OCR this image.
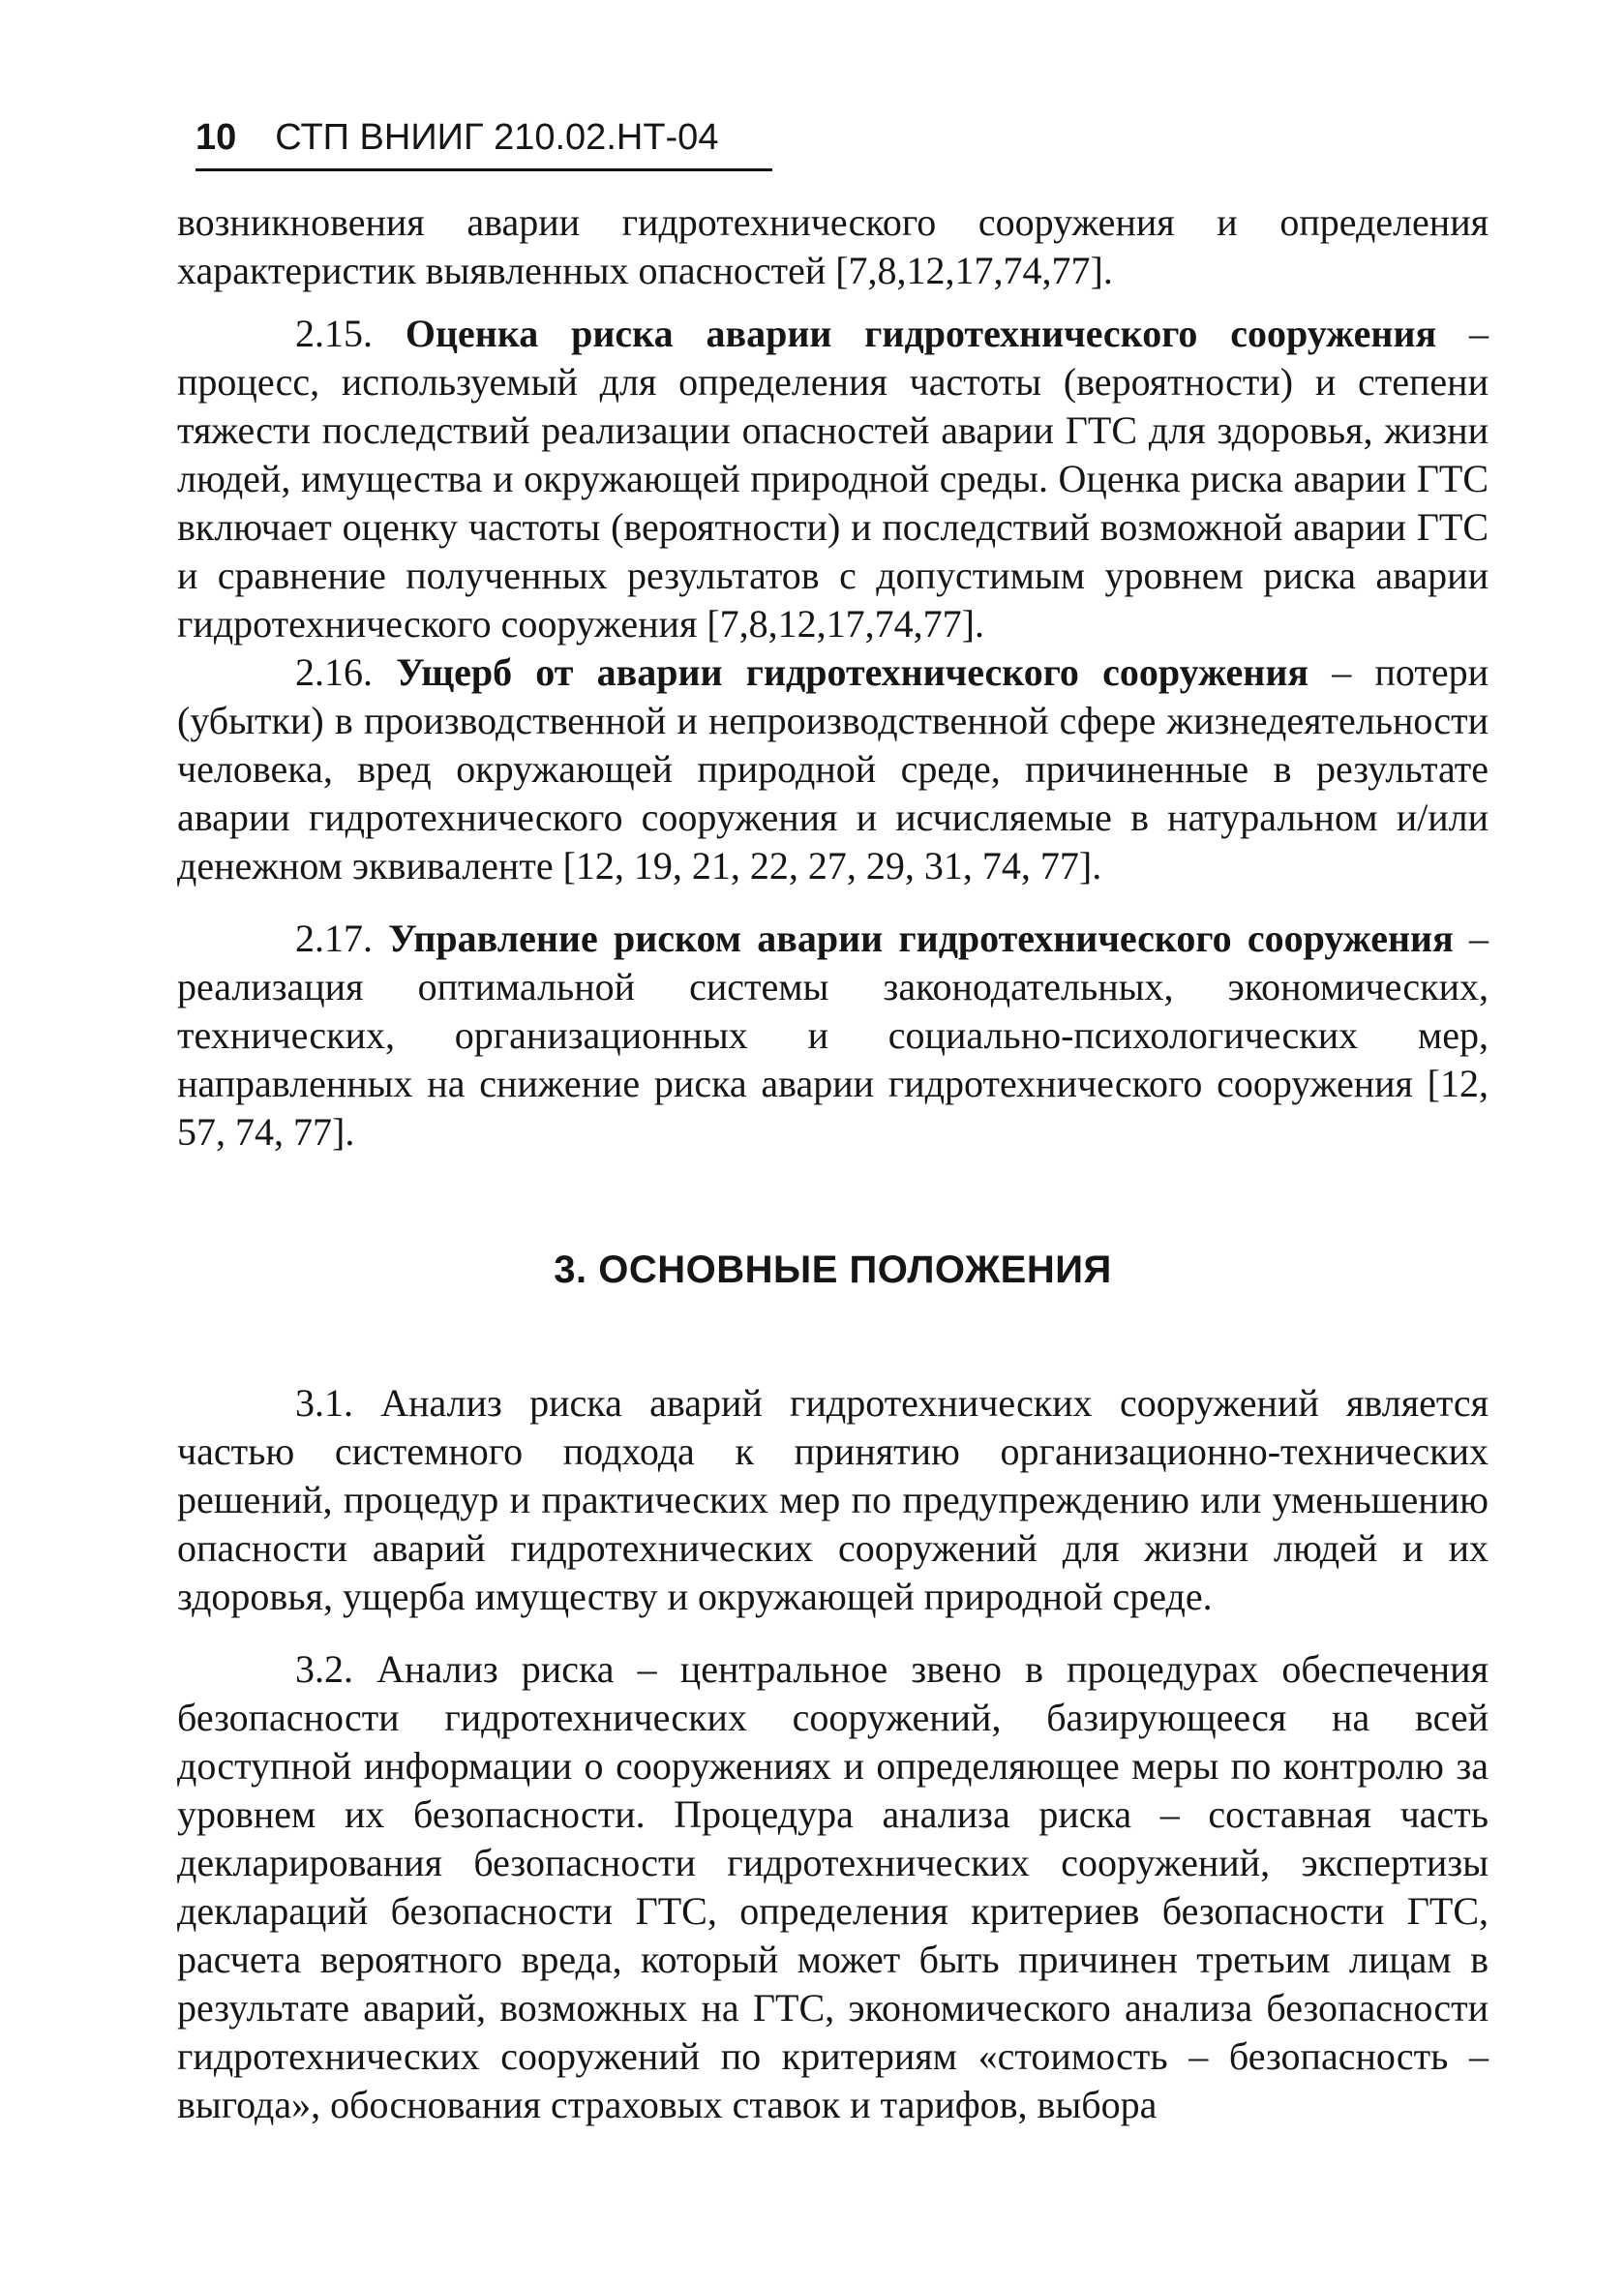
10 СТП ВНИИГ 210.02.НТ-04

возникновения аварии гидротехнического сооружения и определения характеристик выявленных опасностей [7,8,12,17,74,77].

2.15. Оценка риска аварии гидротехнического сооружения – процесс, используемый для определения частоты (вероятности) и степени тяжести последствий реализации опасностей аварии ГТС для здоровья, жизни людей, имущества и окружающей природной среды. Оценка риска аварии ГТС включает оценку частоты (вероятности) и последствий возможной аварии ГТС и сравнение полученных результатов с допустимым уровнем риска аварии гидротехнического сооружения [7,8,12,17,74,77].

2.16. Ущерб от аварии гидротехнического сооружения – потери (убытки) в производственной и непроизводственной сфере жизнедеятельности человека, вред окружающей природной среде, причиненные в результате аварии гидротехнического сооружения и исчисляемые в натуральном и/или денежном эквиваленте [12, 19, 21, 22, 27, 29, 31, 74, 77].

2.17. Управление риском аварии гидротехнического сооружения – реализация оптимальной системы законодательных, экономических, технических, организационных и социально-психологических мер, направленных на снижение риска аварии гидротехнического сооружения [12, 57, 74, 77].

3. ОСНОВНЫЕ ПОЛОЖЕНИЯ

3.1. Анализ риска аварий гидротехнических сооружений является частью системного подхода к принятию организационно-технических решений, процедур и практических мер по предупреждению или уменьшению опасности аварий гидротехнических сооружений для жизни людей и их здоровья, ущерба имуществу и окружающей природной среде.

3.2. Анализ риска – центральное звено в процедурах обеспечения безопасности гидротехнических сооружений, базирующееся на всей доступной информации о сооружениях и определяющее меры по контролю за уровнем их безопасности. Процедура анализа риска – составная часть декларирования безопасности гидротехнических сооружений, экспертизы деклараций безопасности ГТС, определения критериев безопасности ГТС, расчета вероятного вреда, который может быть причинен третьим лицам в результате аварий, возможных на ГТС, экономического анализа безопасности гидротехнических сооружений по критериям «стоимость – безопасность – выгода», обоснования страховых ставок и тарифов, выбора
